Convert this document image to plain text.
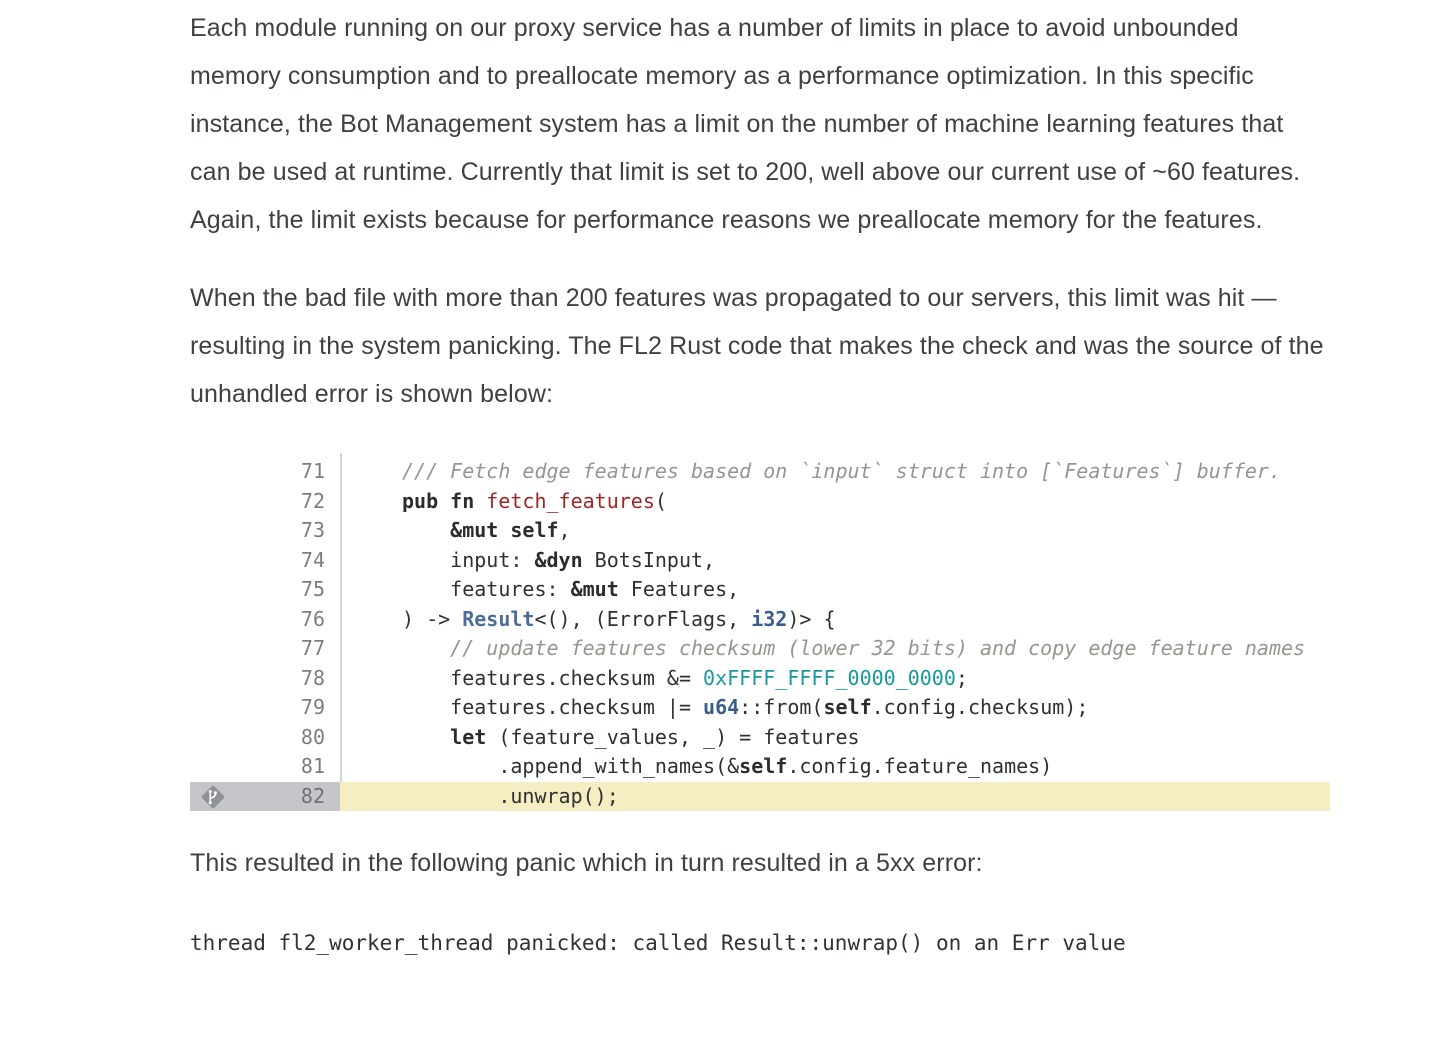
Each module running on our proxy service has a number of limits in place to avoid unbounded memory consumption and to preallocate memory as a performance optimization. In this specific instance, the Bot Management system has a limit on the number of machine learning features that can be used at runtime. Currently that limit is set to 200, well above our current use of ~60 features. Again, the limit exists because for performance reasons we preallocate memory for the features.

When the bad file with more than 200 features was propagated to our servers, this limit was hit — resulting in the system panicking. The FL2 Rust code that makes the check and was the source of the unhandled error is shown below:

71	/// Fetch edge features based on `input` struct into [`Features`] buffer.
72	pub fn fetch_features(
73	&mut self,
74	input: &dyn BotsInput,
75	features: &mut Features,
76	) -> Result<(), (ErrorFlags, i32)> {
77	// update features checksum (lower 32 bits) and copy edge feature names
78	features.checksum &= 0xFFFF_FFFF_0000_0000;
79	features.checksum |= u64::from(self.config.checksum);
80	let (feature_values, _) = features
81	.append_with_names(&self.config.feature_names)
82	.unwrap();

This resulted in the following panic which in turn resulted in a 5xx error:

thread fl2_worker_thread panicked: called Result::unwrap() on an Err value
